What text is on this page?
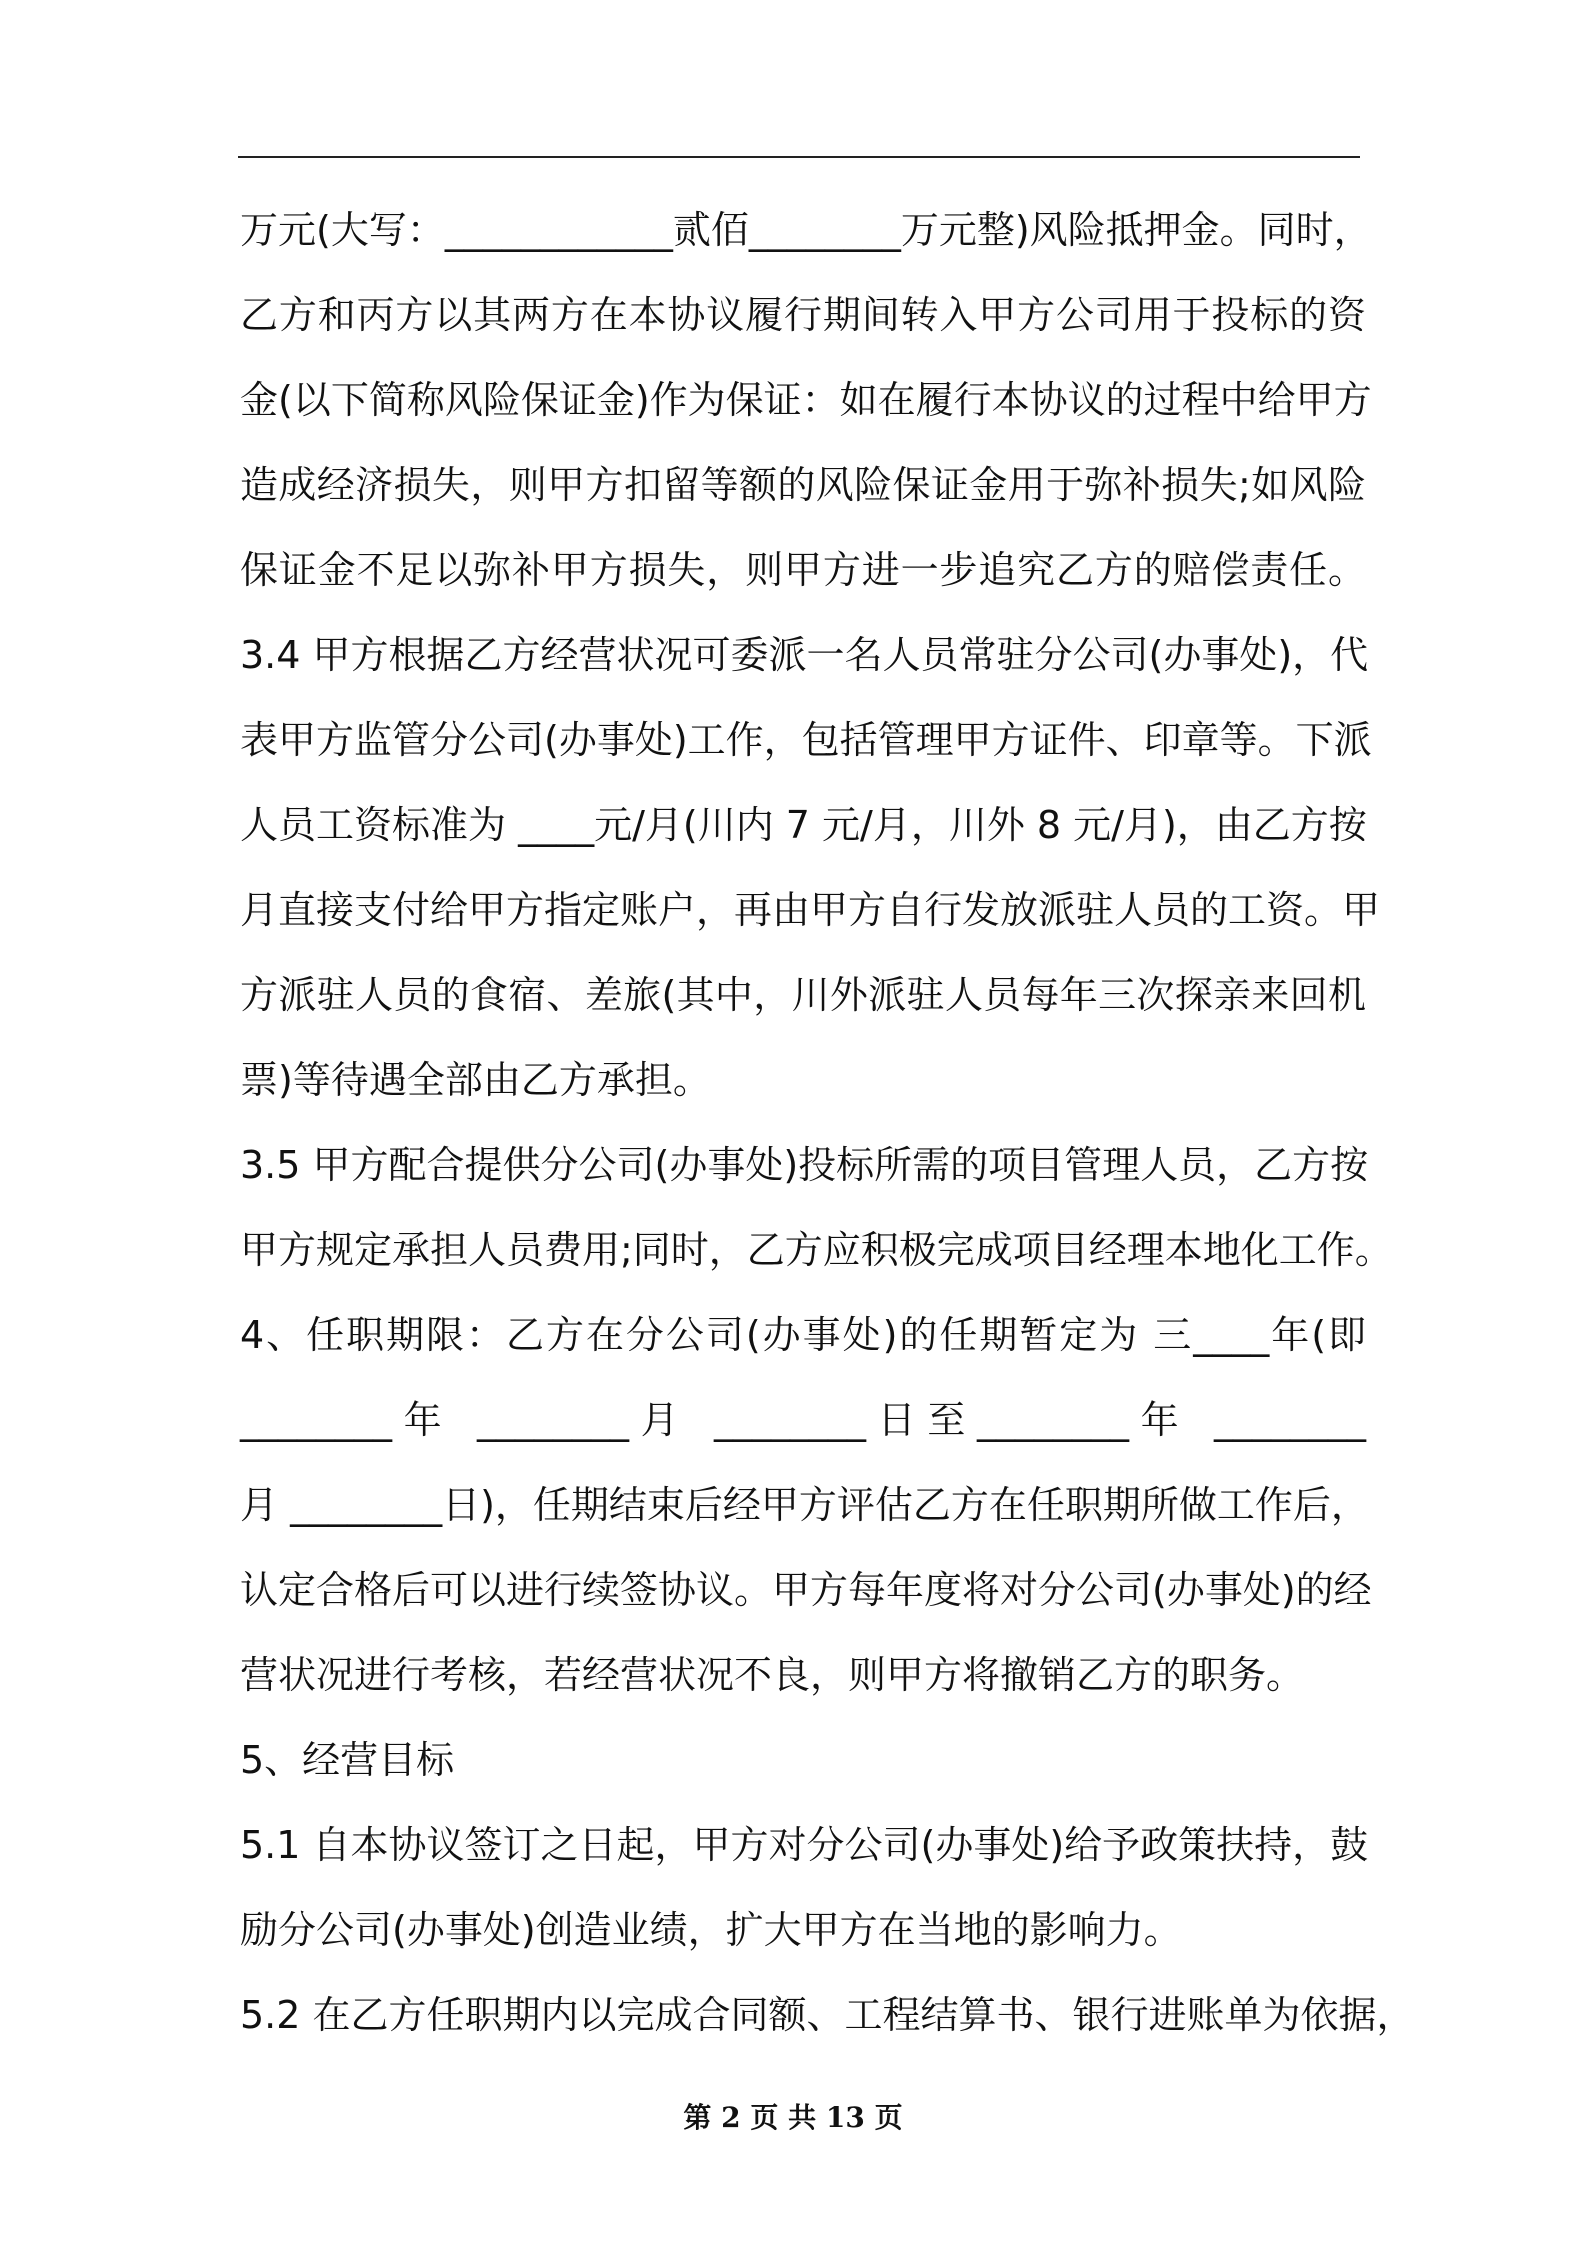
万元(大写：____________贰佰________万元整)风险抵押金。同时，
乙方和丙方以其两方在本协议履行期间转入甲方公司用于投标的资
金(以下简称风险保证金)作为保证：如在履行本协议的过程中给甲方
造成经济损失，则甲方扣留等额的风险保证金用于弥补损失;如风险
保证金不足以弥补甲方损失，则甲方进一步追究乙方的赔偿责任。
3.4 甲方根据乙方经营状况可委派一名人员常驻分公司(办事处)，代
表甲方监管分公司(办事处)工作，包括管理甲方证件、印章等。下派
人员工资标准为 ____元/月(川内 7 元/月，川外 8 元/月)，由乙方按
月直接支付给甲方指定账户，再由甲方自行发放派驻人员的工资。甲
方派驻人员的食宿、差旅(其中，川外派驻人员每年三次探亲来回机
票)等待遇全部由乙方承担。
3.5 甲方配合提供分公司(办事处)投标所需的项目管理人员，乙方按
甲方规定承担人员费用;同时，乙方应积极完成项目经理本地化工作。
4、任职期限：乙方在分公司(办事处)的任期暂定为 三____年(即
________年 ________月 ________日至________年 ________
月 ________日)，任期结束后经甲方评估乙方在任职期所做工作后，
认定合格后可以进行续签协议。甲方每年度将对分公司(办事处)的经
营状况进行考核，若经营状况不良，则甲方将撤销乙方的职务。
5、经营目标
5.1 自本协议签订之日起，甲方对分公司(办事处)给予政策扶持，鼓
励分公司(办事处)创造业绩，扩大甲方在当地的影响力。
5.2 在乙方任职期内以完成合同额、工程结算书、银行进账单为依据，
第 2 页 共 13 页
